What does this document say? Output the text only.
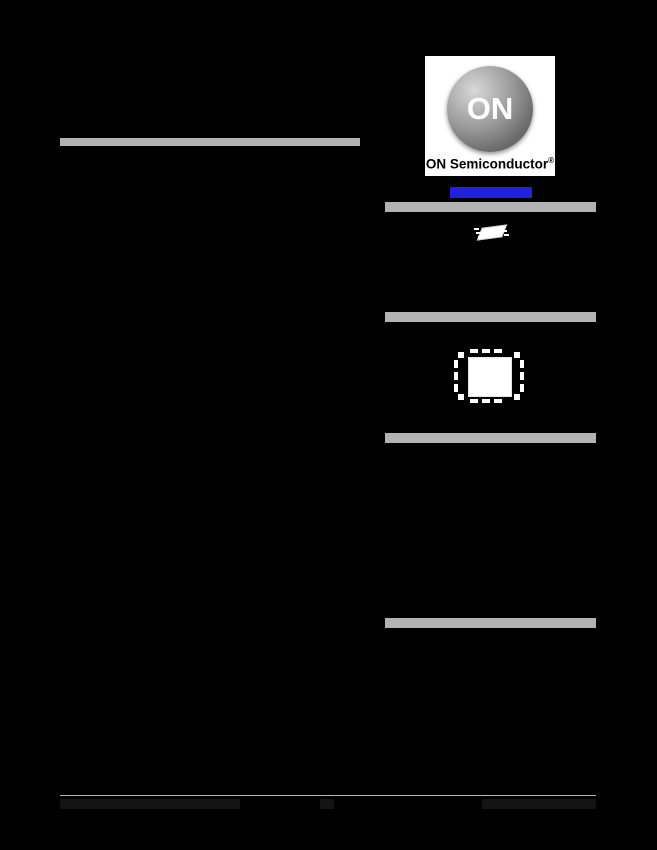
ON
ON Semiconductor®
http://onsemi.com
